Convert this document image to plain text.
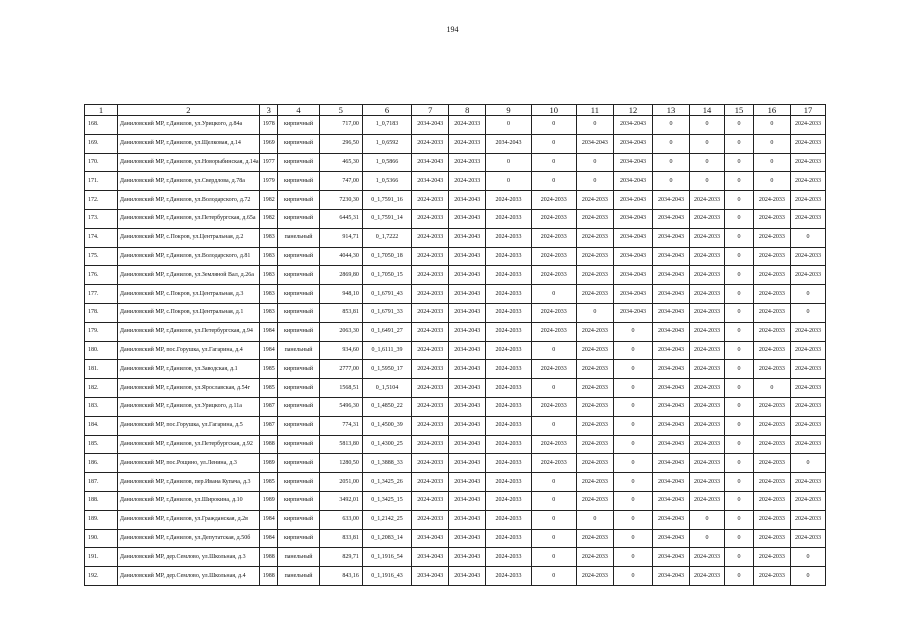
194
1	2	3	4	5	6	7	8	9	10	11	12	13	14	15	16	17
168.	Даниловский МР, г.Данилов, ул.Урицкого, д.84а	1978	кирпичный	717,00	1_0,7183	2034-2043	2024-2033	0	0	0	2034-2043	0	0	0	0	2024-2033
169.	Даниловский МР, г.Данилов, ул.Щелковая, д.14	1969	кирпичный	296,50	1_0,6592	2024-2033	2024-2033	2034-2043	0	2034-2043	2034-2043	0	0	0	0	2024-2033
170.	Даниловский МР, г.Данилов, ул.Новорыбинская, д.14а	1977	кирпичный	465,30	1_0,5866	2034-2043	2024-2033	0	0	0	2034-2043	0	0	0	0	2024-2033
171.	Даниловский МР, г.Данилов, ул.Свердлова, д.78а	1979	кирпичный	747,00	1_0,5366	2034-2043	2024-2033	0	0	0	2034-2043	0	0	0	0	2024-2033
172.	Даниловский МР, г.Данилов, ул.Володарского, д.72	1982	кирпичный	7230,30	0_1,7591_16	2024-2033	2034-2043	2024-2033	2024-2033	2024-2033	2034-2043	2034-2043	2024-2033	0	2024-2033	2024-2033
173.	Даниловский МР, г.Данилов, ул.Петербургская, д.65а	1982	кирпичный	6445,31	0_1,7591_14	2024-2033	2034-2043	2024-2033	2024-2033	2024-2033	2034-2043	2034-2043	2024-2033	0	2024-2033	2024-2033
174.	Даниловский МР, с.Покров, ул.Центральная, д.2	1983	панельный	914,71	0_1,7222	2024-2033	2034-2043	2024-2033	2024-2033	2024-2033	2034-2043	2034-2043	2024-2033	0	2024-2033	0
175.	Даниловский МР, г.Данилов, ул.Володарского, д.81	1983	кирпичный	4044,30	0_1,7050_18	2024-2033	2034-2043	2024-2033	2024-2033	2024-2033	2034-2043	2034-2043	2024-2033	0	2024-2033	2024-2033
176.	Даниловский МР, г.Данилов, ул.Земляной Вал, д.26а	1983	кирпичный	2869,80	0_1,7050_15	2024-2033	2034-2043	2024-2033	2024-2033	2024-2033	2034-2043	2034-2043	2024-2033	0	2024-2033	2024-2033
177.	Даниловский МР, с.Покров, ул.Центральная, д.3	1983	кирпичный	948,10	0_1,6791_43	2024-2033	2034-2043	2024-2033	0	2024-2033	2034-2043	2034-2043	2024-2033	0	2024-2033	0
178.	Даниловский МР, с.Покров, ул.Центральная, д.1	1983	кирпичный	853,81	0_1,6791_33	2024-2033	2034-2043	2024-2033	2024-2033	0	2034-2043	2034-2043	2024-2033	0	2024-2033	0
179.	Даниловский МР, г.Данилов, ул.Петербургская, д.94	1984	кирпичный	2063,30	0_1,6491_27	2024-2033	2034-2043	2024-2033	2024-2033	2024-2033	0	2034-2043	2024-2033	0	2024-2033	2024-2033
180.	Даниловский МР, пос.Горушка, ул.Гагарина, д.4	1984	панельный	934,60	0_1,6111_39	2024-2033	2034-2043	2024-2033	0	2024-2033	0	2034-2043	2024-2033	0	2024-2033	2024-2033
181.	Даниловский МР, г.Данилов, ул.Заводская, д.1	1985	кирпичный	2777,00	0_1,5950_17	2024-2033	2034-2043	2024-2033	2024-2033	2024-2033	0	2034-2043	2024-2033	0	2024-2033	2024-2033
182.	Даниловский МР, г.Данилов, ул.Ярославская, д.54г	1985	кирпичный	1568,51	0_1,5104	2024-2033	2034-2043	2024-2033	0	2024-2033	0	2034-2043	2024-2033	0	0	2024-2033
183.	Даниловский МР, г.Данилов, ул.Урицкого, д.11а	1987	кирпичный	5496,30	0_1,4850_22	2024-2033	2034-2043	2024-2033	2024-2033	2024-2033	0	2034-2043	2024-2033	0	2024-2033	2024-2033
184.	Даниловский МР, пос.Горушка, ул.Гагарина, д.5	1987	кирпичный	774,31	0_1,4500_39	2024-2033	2034-2043	2024-2033	0	2024-2033	0	2034-2043	2024-2033	0	2024-2033	2024-2033
185.	Даниловский МР, г.Данилов, ул.Петербургская, д.92	1988	кирпичный	5813,80	0_1,4300_25	2024-2033	2034-2043	2024-2033	2024-2033	2024-2033	0	2034-2043	2024-2033	0	2024-2033	2024-2033
186.	Даниловский МР, пос.Рощино, ул.Ленина, д.3	1989	кирпичный	1280,50	0_1,3888_33	2024-2033	2034-2043	2024-2033	2024-2033	2024-2033	0	2034-2043	2024-2033	0	2024-2033	0
187.	Даниловский МР, г.Данилов, пер.Ивана Купача, д.3	1985	кирпичный	2051,00	0_1,3425_26	2024-2033	2034-2043	2024-2033	0	2024-2033	0	2034-2043	2024-2033	0	2024-2033	2024-2033
188.	Даниловский МР, г.Данилов, ул.Широкина, д.10	1989	кирпичный	3492,01	0_1,3425_15	2024-2033	2034-2043	2024-2033	0	2024-2033	0	2034-2043	2024-2033	0	2024-2033	2024-2033
189.	Даниловский МР, г.Данилов, ул.Гражданская, д.2в	1984	кирпичный	633,00	0_1,2142_25	2024-2033	2034-2043	2024-2033	0	0	0	2034-2043	0	0	2024-2033	2024-2033
190.	Даниловский МР, г.Данилов, ул.Депутатская, д.50б	1984	кирпичный	833,81	0_1,2083_14	2034-2043	2034-2043	2024-2033	0	2024-2033	0	2034-2043	0	0	2024-2033	2024-2033
191.	Даниловский МР, дер.Семлово, ул.Школьная, д.3	1988	панельный	829,71	0_1,1916_54	2034-2043	2034-2043	2024-2033	0	2024-2033	0	2034-2043	2024-2033	0	2024-2033	0
192.	Даниловский МР, дер.Семлово, ул.Школьная, д.4	1988	панельный	843,16	0_1,1916_43	2034-2043	2034-2043	2024-2033	0	2024-2033	0	2034-2043	2024-2033	0	2024-2033	0
